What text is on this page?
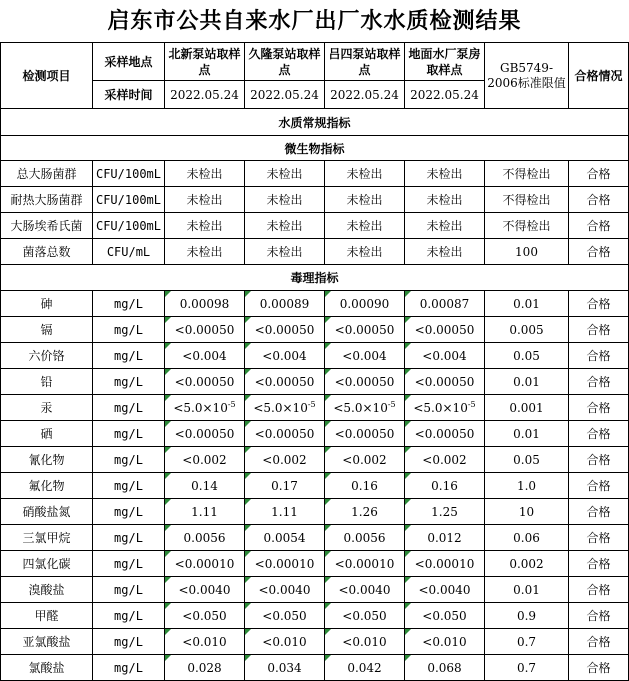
启东市公共自来水厂出厂水水质检测结果
检测项目	采样地点	北新泵站取样点	久隆泵站取样点	吕四泵站取样点	地面水厂泵房取样点	GB5749-2006标准限值	合格情况
	采样时间	2022.05.24	2022.05.24	2022.05.24	2022.05.24		
水质常规指标							
微生物指标							
总大肠菌群	CFU/100mL	未检出	未检出	未检出	未检出	不得检出	合格
耐热大肠菌群	CFU/100mL	未检出	未检出	未检出	未检出	不得检出	合格
大肠埃希氏菌	CFU/100mL	未检出	未检出	未检出	未检出	不得检出	合格
菌落总数	CFU/mL	未检出	未检出	未检出	未检出	100	合格
毒理指标							
砷	mg/L	0.00098	0.00089	0.00090	0.00087	0.01	合格
镉	mg/L	<0.00050	<0.00050	<0.00050	<0.00050	0.005	合格
六价铬	mg/L	<0.004	<0.004	<0.004	<0.004	0.05	合格
铅	mg/L	<0.00050	<0.00050	<0.00050	<0.00050	0.01	合格
汞	mg/L	$<5.0\times 10^{-5}$	$<5.0\times 10^{-5}$	$<5.0\times 10^{-5}$	$<5.0\times 10^{-5}$	0.001	合格
硒	mg/L	<0.00050	<0.00050	<0.00050	<0.00050	0.01	合格
氰化物	mg/L	<0.002	<0.002	<0.002	<0.002	0.05	合格
氟化物	mg/L	0.14	0.17	0.16	0.16	1.0	合格
硝酸盐氮	mg/L	1.11	1.11	1.26	1.25	10	合格
三氯甲烷	mg/L	0.0056	0.0054	0.0056	0.012	0.06	合格
四氯化碳	mg/L	<0.00010	<0.00010	<0.00010	<0.00010	0.002	合格
溴酸盐	mg/L	<0.0040	<0.0040	<0.0040	<0.0040	0.01	合格
甲醛	mg/L	<0.050	<0.050	<0.050	<0.050	0.9	合格
亚氯酸盐	mg/L	<0.010	<0.010	<0.010	<0.010	0.7	合格
氯酸盐	mg/L	0.028	0.034	0.042	0.068	0.7	合格
